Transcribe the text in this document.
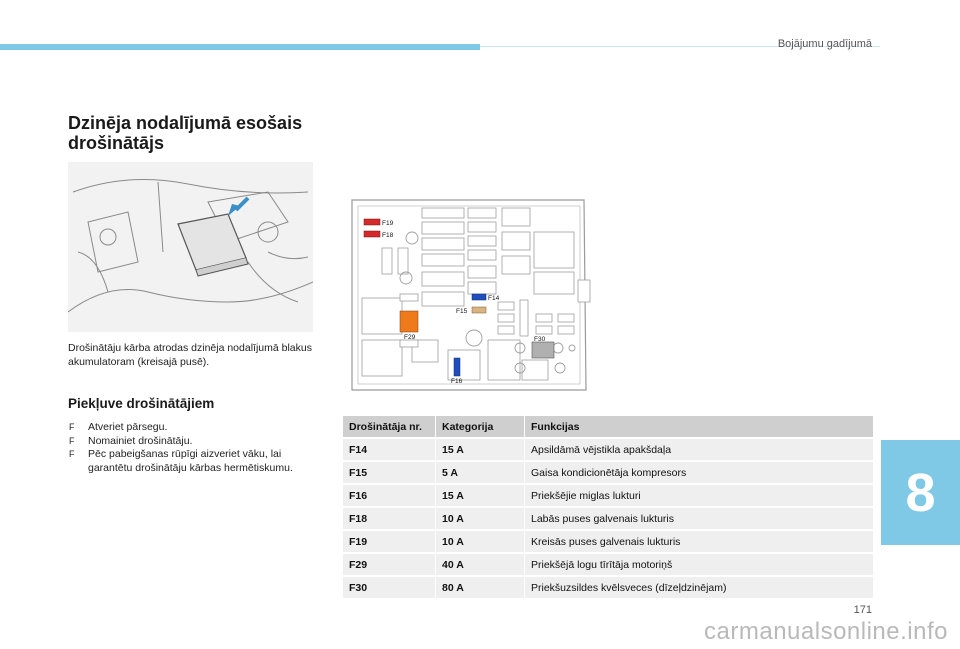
Bojājumu gadījumā
Dzinēja nodalījumā esošais drošinātājs
Drošinātāju kārba atrodas dzinēja nodalījumā blakus akumulatoram (kreisajā pusē).
Piekļuve drošinātājiem
F Atveriet pārsegu.
F Nomainiet drošinātāju.
F Pēc pabeigšanas rūpīgi aizveriet vāku, lai garantētu drošinātāju kārbas hermētiskumu.
F19
F18
F14
F15
F29	F30
F16
Drošinātāja nr.	Kategorija	Funkcijas
F14	15 A	Apsildāmā vējstikla apakšdaļa
F15	5 A	Gaisa kondicionētāja kompresors
F16	15 A	Priekšējie miglas lukturi
F18	10 A	Labās puses galvenais lukturis
F19	10 A	Kreisās puses galvenais lukturis
F29	40 A	Priekšējā logu tīrītāja motoriņš
F30	80 A	Priekšuzsildes kvēlsveces (dīzeļdzinējam)
8
171
carmanualsonline.info
